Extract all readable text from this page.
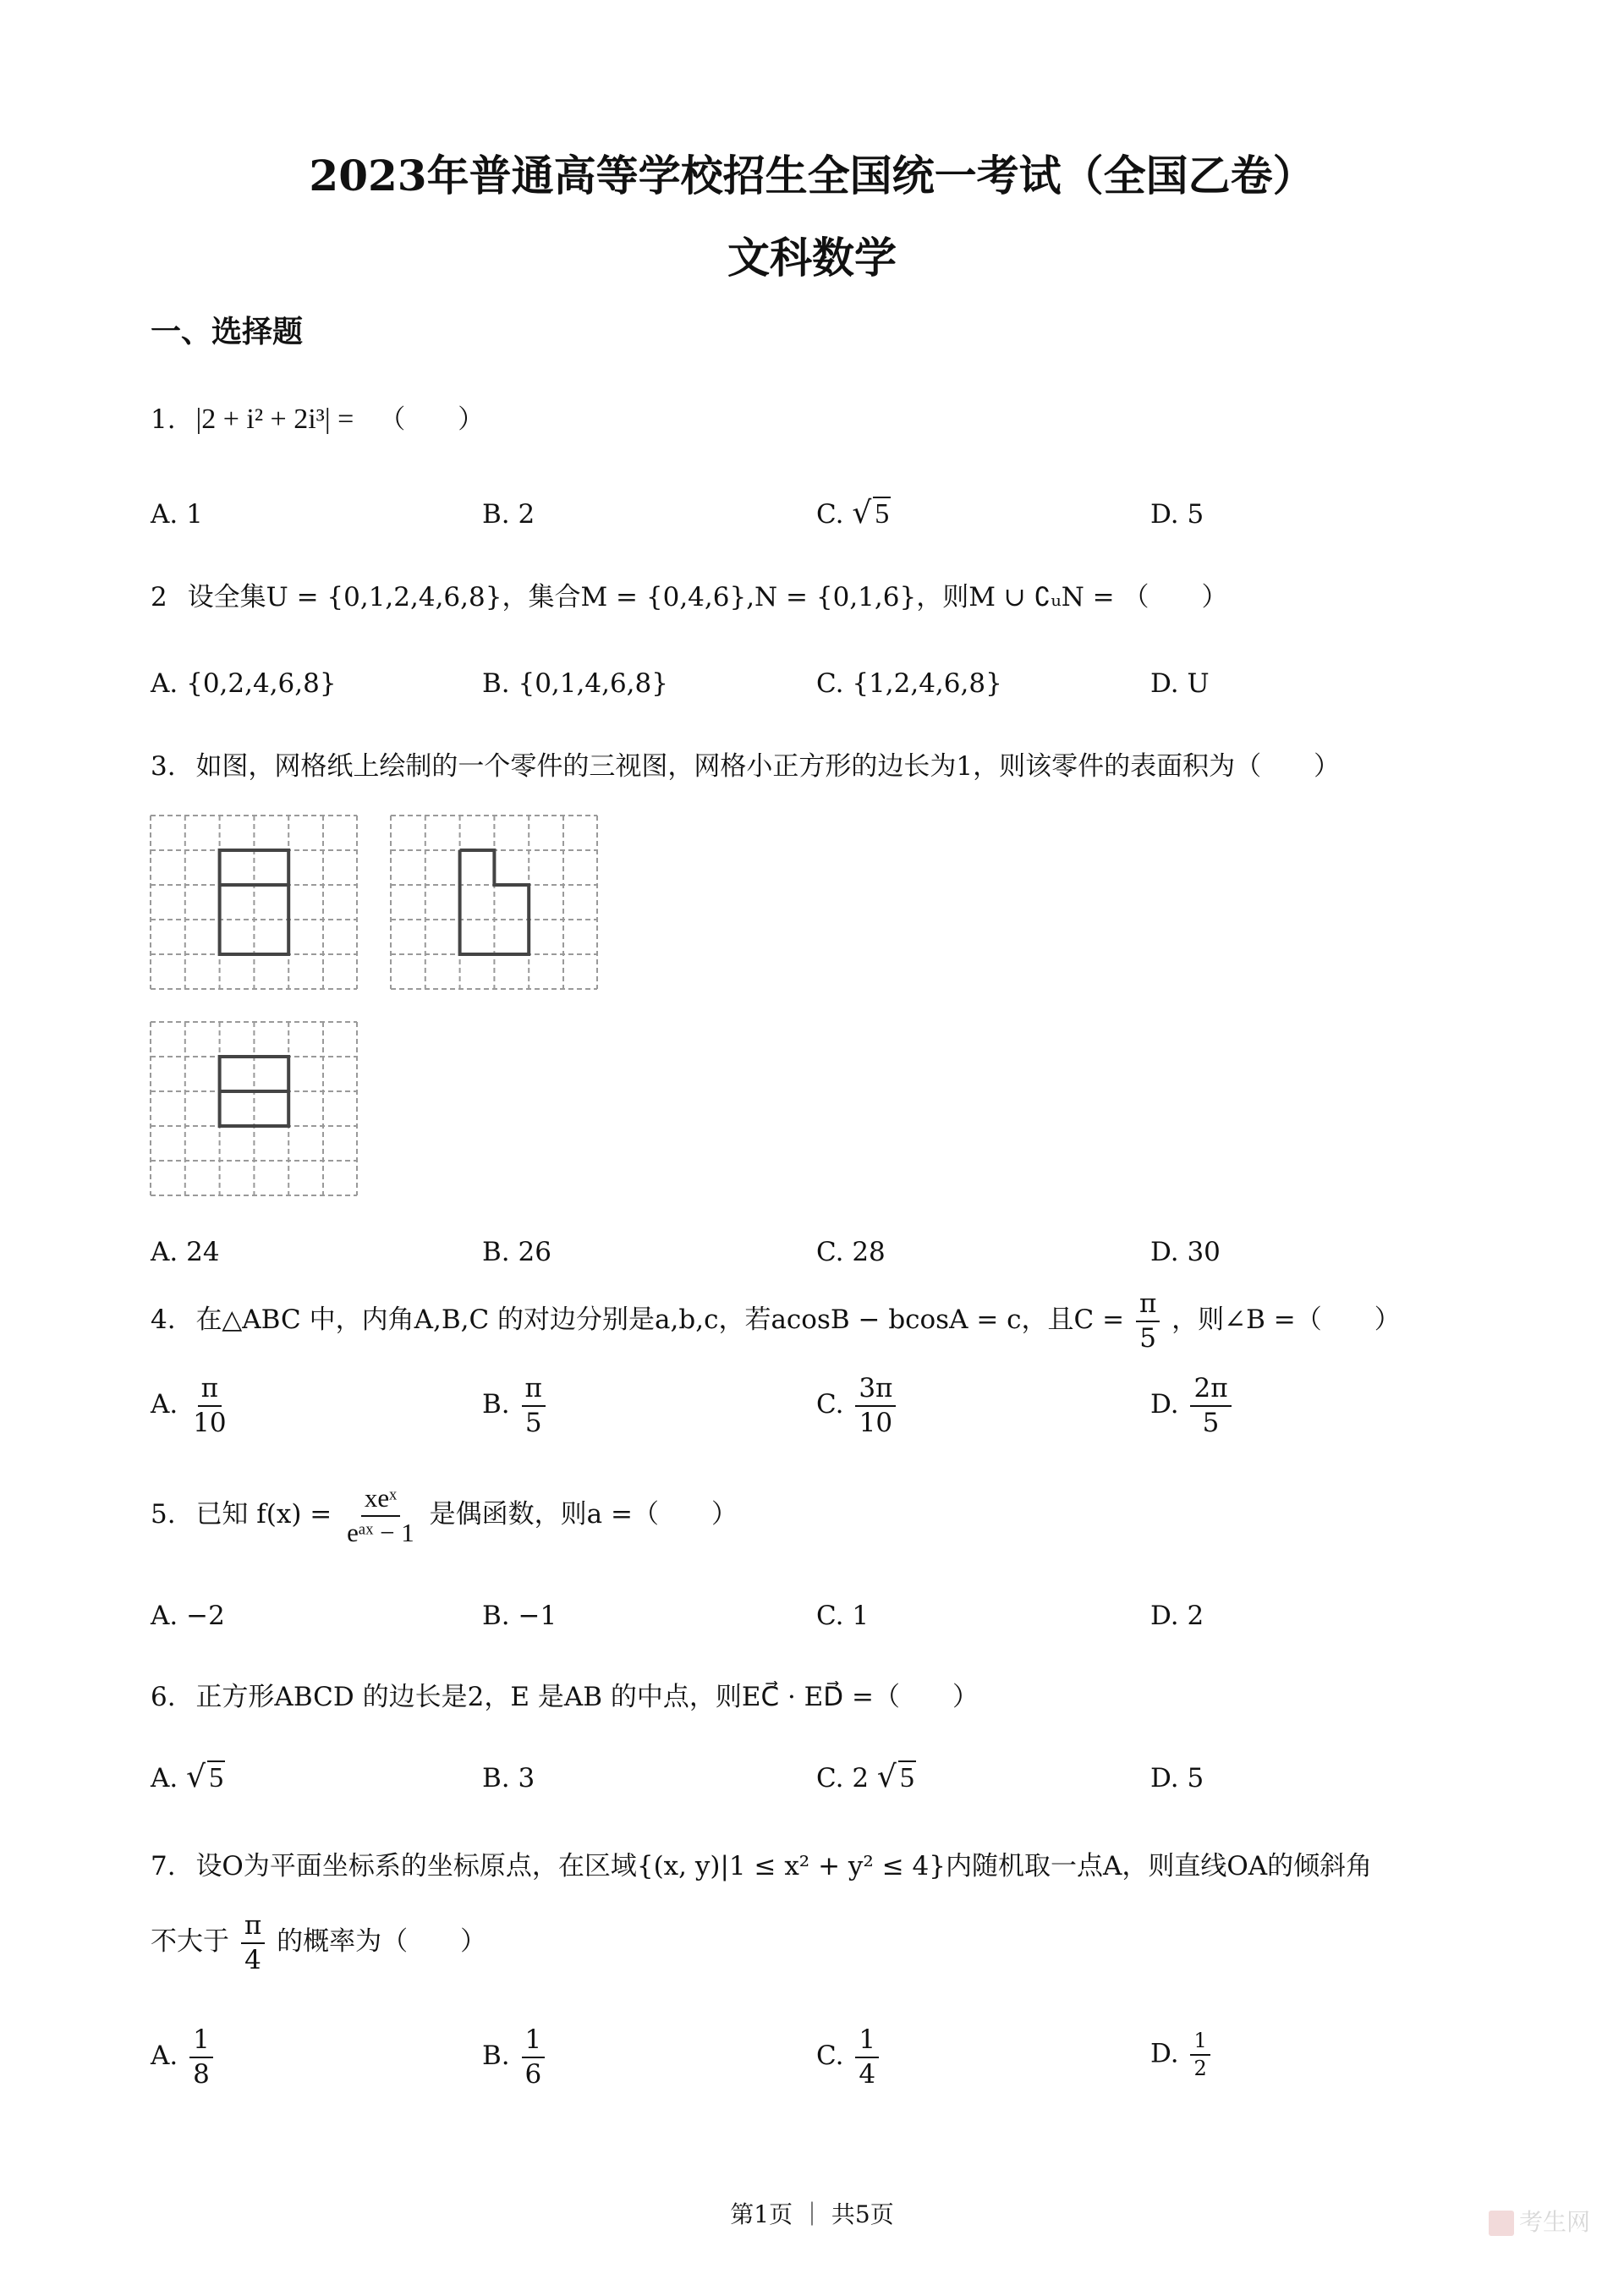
2023年普通高等学校招生全国统一考试（全国乙卷）
文科数学
一、选择题
1. |2 + i² + 2i³| = （　　）
A. 1	B. 2	C. √ 5	D. 5
2 设全集U = {0,1,2,4,6,8}，集合M = {0,4,6},N = {0,1,6}，则M ∪ ∁ᵤN = （　　）
A. {0,2,4,6,8}	B. {0,1,4,6,8}	C. {1,2,4,6,8}	D. U
3. 如图，网格纸上绘制的一个零件的三视图，网格小正方形的边长为1，则该零件的表面积为（　　）
A. 24	B. 26	C. 28	D. 30
4. 在△ABC 中，内角A,B,C 的对边分别是a,b,c，若acosB − bcosA = c，且$C = \frac{\pi}{5}$ ，则∠B =（　　）
A. $\frac{\pi}{10}$	B. $\frac{\pi}{5}$	C. $\frac{3\pi}{10}$	D. $\frac{2\pi}{5}$
5. 已知 $f(x) = \frac{\text{xeˣ}}{\text{eᵃˣ − 1}}$ 是偶函数，则a =（　　）
A. −2	B. −1	C. 1	D. 2
6. 正方形ABCD 的边长是2，E 是AB 的中点，则EC⃗ · ED⃗ =（　　）
A. √ 5	B. 3	C. 2 √ 5	D. 5
7. 设O为平面坐标系的坐标原点，在区域{(x, y)|1 ≤ x² + y² ≤ 4}内随机取一点A，则直线OA的倾斜角
不大于 $\frac{\pi}{4}$ 的概率为（　　）
A. $\frac{1}{8}$	B. $\frac{1}{6}$	C. $\frac{1}{4}$	D. $\frac{1}{2}$
第1页 ｜ 共5页	考生网
